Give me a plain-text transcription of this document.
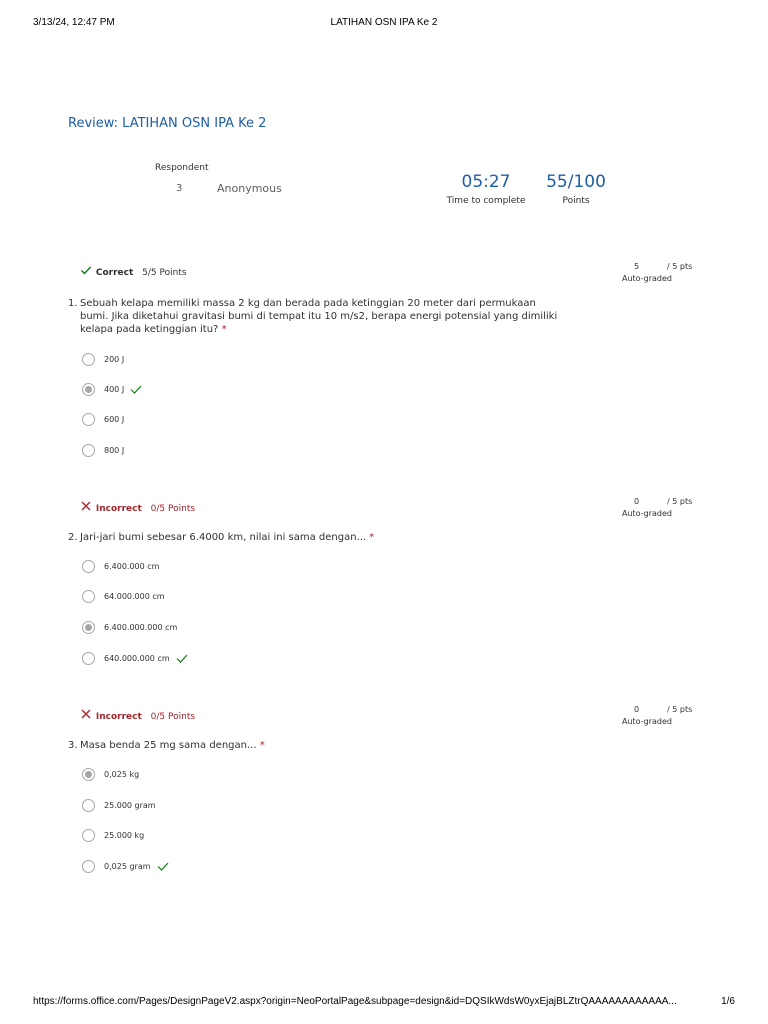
3/13/24, 12:47 PM	LATIHAN OSN IPA Ke 2
Review: LATIHAN OSN IPA Ke 2
Respondent
3	Anonymous	05:27
Time to complete
55/100
Points
Correct 5/5 Points
5	/ 5 pts
Auto-graded
1. Sebuah kelapa memiliki massa 2 kg dan berada pada ketinggian 20 meter dari permukaan bumi. Jika diketahui gravitasi bumi di tempat itu 10 m/s2, berapa energi potensial yang dimiliki kelapa pada ketinggian itu? *
200 J
400 J
600 J
800 J
Incorrect 0/5 Points
0	/ 5 pts
Auto-graded
2. Jari-jari bumi sebesar 6.4000 km, nilai ini sama dengan... *
6.400.000 cm
64.000.000 cm
6.400.000.000 cm
640.000.000 cm
Incorrect 0/5 Points
0	/ 5 pts
Auto-graded
3. Masa benda 25 mg sama dengan... *
0,025 kg
25.000 gram
25.000 kg
0,025 gram
https://forms.office.com/Pages/DesignPageV2.aspx?origin=NeoPortalPage&subpage=design&id=DQSIkWdsW0yxEjajBLZtrQAAAAAAAAAAAA...	1/6
